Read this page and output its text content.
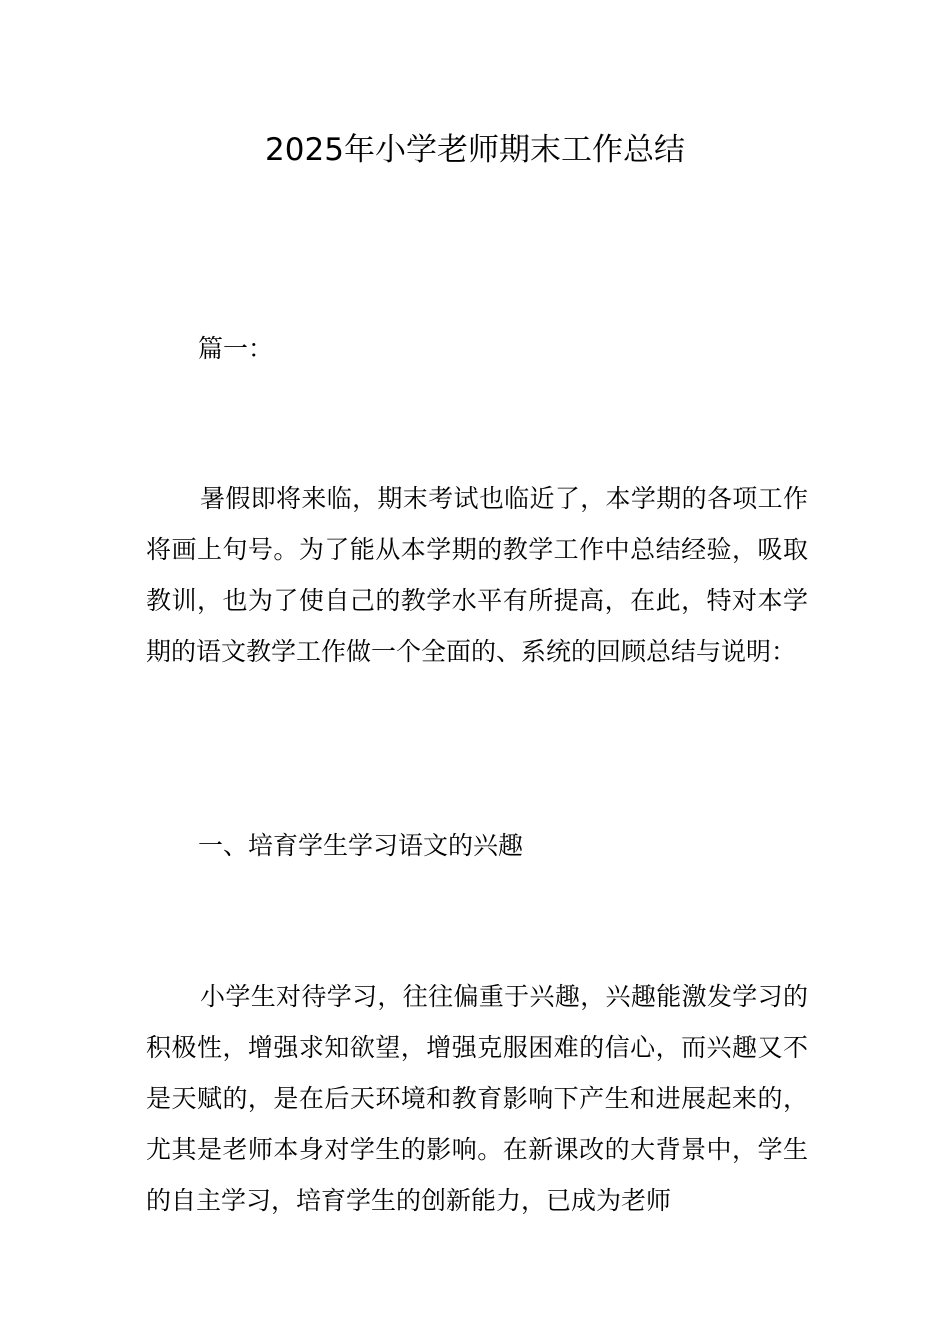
2025年小学老师期末工作总结

篇一：

暑假即将来临，期末考试也临近了，本学期的各项工作将画上句号。为了能从本学期的教学工作中总结经验，吸取教训，也为了使自己的教学水平有所提高，在此，特对本学期的语文教学工作做一个全面的、系统的回顾总结与说明：

一、培育学生学习语文的兴趣

小学生对待学习，往往偏重于兴趣，兴趣能激发学习的积极性，增强求知欲望，增强克服困难的信心，而兴趣又不是天赋的，是在后天环境和教育影响下产生和进展起来的，尤其是老师本身对学生的影响。在新课改的大背景中，学生的自主学习，培育学生的创新能力，已成为老师
